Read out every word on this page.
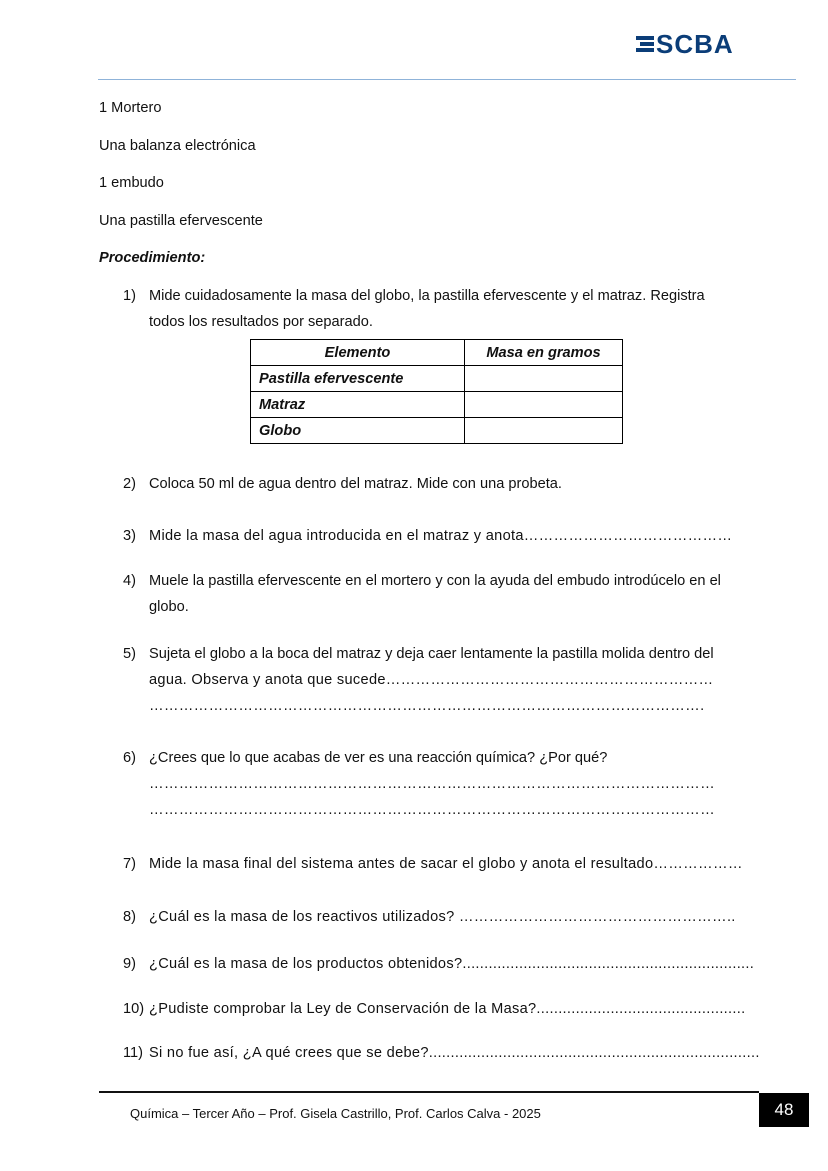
SCBA
1 Mortero
Una balanza electrónica
1 embudo
Una pastilla efervescente
Procedimiento:
1) Mide cuidadosamente la masa del globo, la pastilla efervescente y el matraz. Registra
todos los resultados por separado.
Elemento	Masa en gramos
Pastilla efervescente	
Matraz	
Globo	
2) Coloca 50 ml de agua dentro del matraz. Mide con una probeta.
3) Mide la masa del agua introducida en el matraz y anota……………………………………
4) Muele la pastilla efervescente en el mortero y con la ayuda del embudo introdúcelo en el
globo.
5) Sujeta el globo a la boca del matraz y deja caer lentamente la pastilla molida dentro del
agua. Observa y anota que sucede…………………………………………………………
………………………………………………………………………………………………….
6) ¿Crees que lo que acabas de ver es una reacción química? ¿Por qué?
……………………………………………………………………………………………………
……………………………………………………………………………………………………
7) Mide la masa final del sistema antes de sacar el globo y anota el resultado………………
8) ¿Cuál es la masa de los reactivos utilizados? ………………………………………………..
9) ¿Cuál es la masa de los productos obtenidos?...................................................................
10) ¿Pudiste comprobar la Ley de Conservación de la Masa?................................................
11) Si no fue así, ¿A qué crees que se debe?............................................................................
Química – Tercer Año – Prof. Gisela Castrillo, Prof. Carlos Calva - 2025	48
